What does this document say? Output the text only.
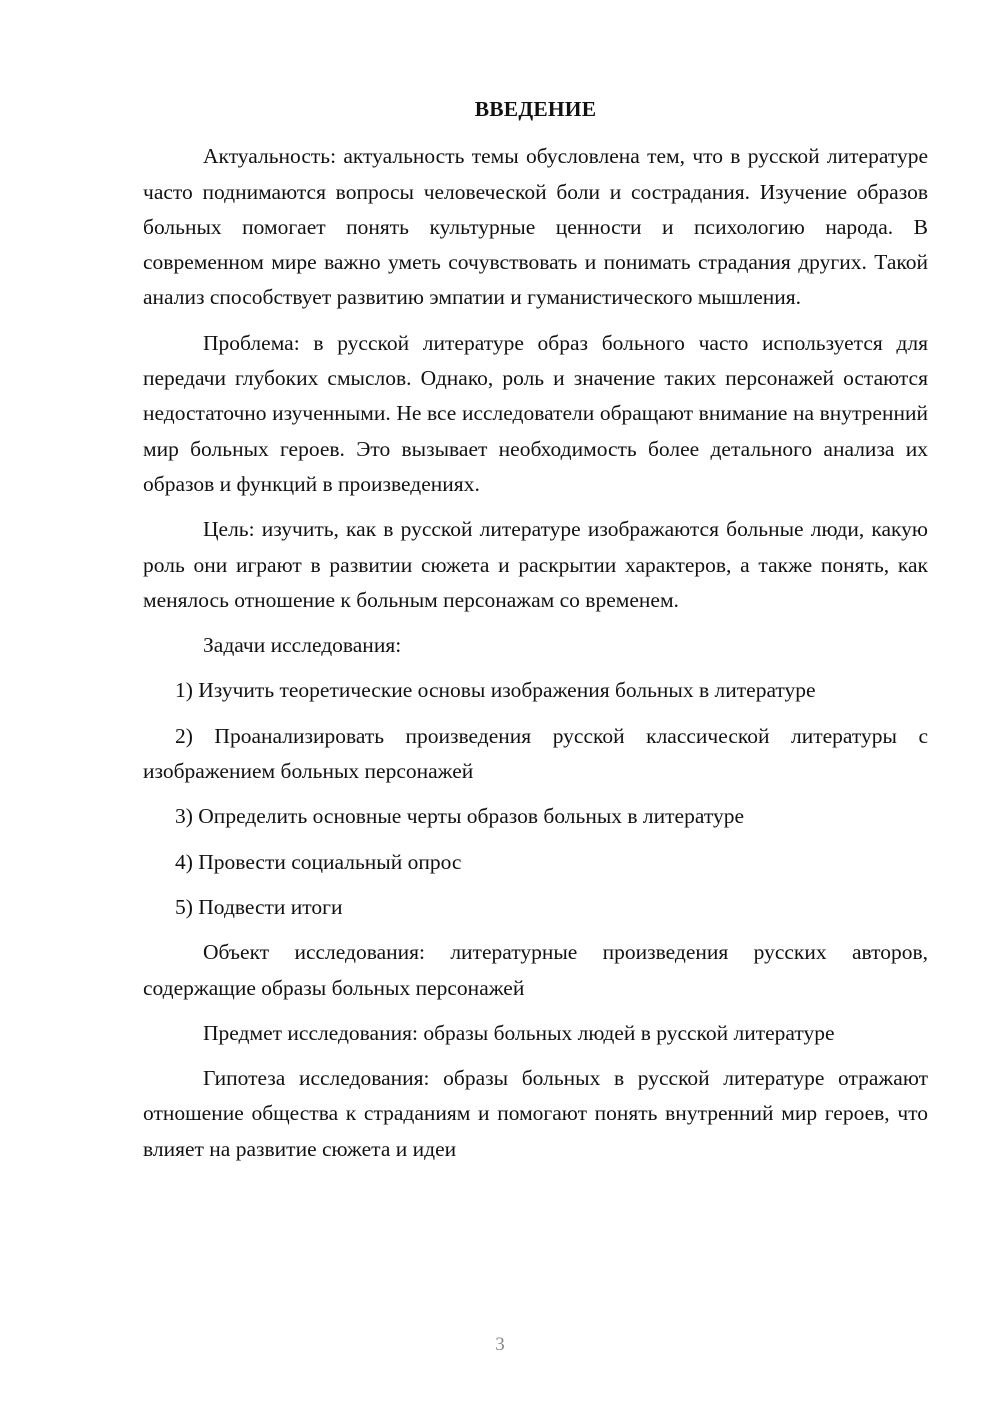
ВВЕДЕНИЕ

Актуальность: актуальность темы обусловлена тем, что в русской литературе часто поднимаются вопросы человеческой боли и сострадания. Изучение образов больных помогает понять культурные ценности и психологию народа. В современном мире важно уметь сочувствовать и понимать страдания других. Такой анализ способствует развитию эмпатии и гуманистического мышления.

Проблема: в русской литературе образ больного часто используется для передачи глубоких смыслов. Однако, роль и значение таких персонажей остаются недостаточно изученными. Не все исследователи обращают внимание на внутренний мир больных героев. Это вызывает необходимость более детального анализа их образов и функций в произведениях.

Цель: изучить, как в русской литературе изображаются больные люди, какую роль они играют в развитии сюжета и раскрытии характеров, а также понять, как менялось отношение к больным персонажам со временем.

Задачи исследования:

1) Изучить теоретические основы изображения больных в литературе
2) Проанализировать произведения русской классической литературы с изображением больных персонажей
3) Определить основные черты образов больных в литературе
4) Провести социальный опрос
5) Подвести итоги

Объект исследования: литературные произведения русских авторов, содержащие образы больных персонажей

Предмет исследования: образы больных людей в русской литературе

Гипотеза исследования: образы больных в русской литературе отражают отношение общества к страданиям и помогают понять внутренний мир героев, что влияет на развитие сюжета и идеи

3
